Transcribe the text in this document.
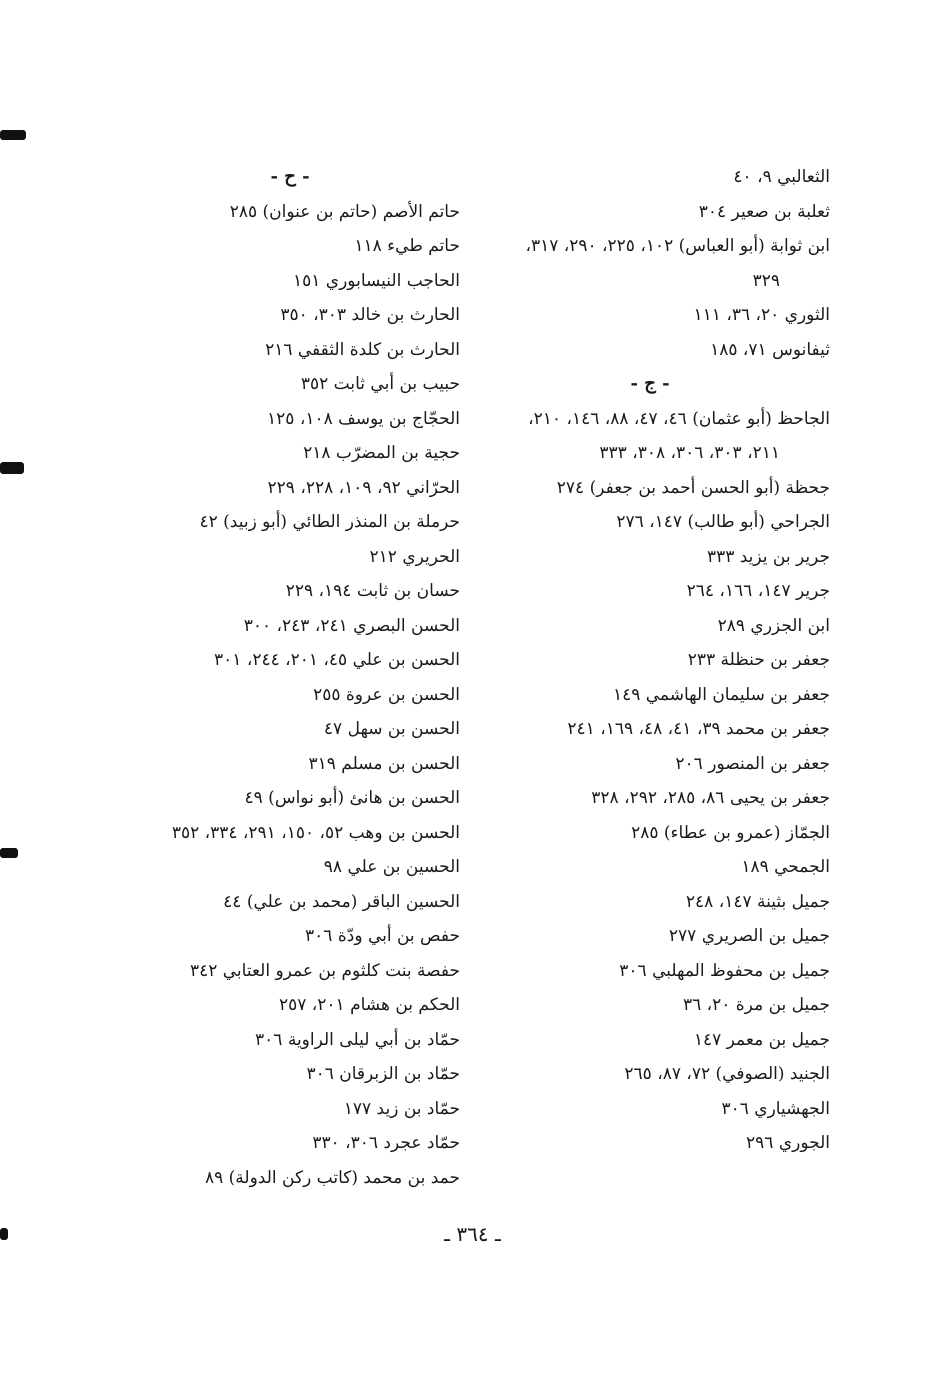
الثعالبي ٩، ٤٠
ثعلبة بن صعير ٣٠٤
ابن ثوابة (أبو العباس) ١٠٢، ٢٢٥، ٢٩٠، ٣١٧،
٣٢٩
الثوري ٢٠، ٣٦، ١١١
ثيفانوس ٧١، ١٨٥
- ج -
الجاحظ (أبو عثمان) ٤٦، ٤٧، ٨٨، ١٤٦، ٢١٠،
٢١١، ٣٠٣، ٣٠٦، ٣٠٨، ٣٣٣
جحظة (أبو الحسن أحمد بن جعفر) ٢٧٤
الجراحي (أبو طالب) ١٤٧، ٢٧٦
جرير بن يزيد ٣٣٣
جرير ١٤٧، ١٦٦، ٢٦٤
ابن الجزري ٢٨٩
جعفر بن حنظلة ٢٣٣
جعفر بن سليمان الهاشمي ١٤٩
جعفر بن محمد ٣٩، ٤١، ٤٨، ١٦٩، ٢٤١
جعفر بن المنصور ٢٠٦
جعفر بن يحيى ٨٦، ٢٨٥، ٢٩٢، ٣٢٨
الجمّاز (عمرو بن عطاء) ٢٨٥
الجمحي ١٨٩
جميل بثينة ١٤٧، ٢٤٨
جميل بن الصريري ٢٧٧
جميل بن محفوظ المهلبي ٣٠٦
جميل بن مرة ٢٠، ٣٦
جميل بن معمر ١٤٧
الجنيد (الصوفي) ٧٢، ٨٧، ٢٦٥
الجهشياري ٣٠٦
الجوري ٢٩٦
- ح -
حاتم الأصم (حاتم بن عنوان) ٢٨٥
حاتم طيء ١١٨
الحاجب النيسابوري ١٥١
الحارث بن خالد ٣٠٣، ٣٥٠
الحارث بن كلدة الثقفي ٢١٦
حبيب بن أبي ثابت ٣٥٢
الحجّاج بن يوسف ١٠٨، ١٢٥
حجية بن المضرّب ٢١٨
الحرّاني ٩٢، ١٠٩، ٢٢٨، ٢٢٩
حرملة بن المنذر الطائي (أبو زبيد) ٤٢
الحريري ٢١٢
حسان بن ثابت ١٩٤، ٢٢٩
الحسن البصري ٢٤١، ٢٤٣، ٣٠٠
الحسن بن علي ٤٥، ٢٠١، ٢٤٤، ٣٠١
الحسن بن عروة ٢٥٥
الحسن بن سهل ٤٧
الحسن بن مسلم ٣١٩
الحسن بن هانئ (أبو نواس) ٤٩
الحسن بن وهب ٥٢، ١٥٠، ٢٩١، ٣٣٤، ٣٥٢
الحسين بن علي ٩٨
الحسين الباقر (محمد بن علي) ٤٤
حفص بن أبي ودّة ٣٠٦
حفصة بنت كلثوم بن عمرو العتابي ٣٤٢
الحكم بن هشام ٢٠١، ٢٥٧
حمّاد بن أبي ليلى الراوية ٣٠٦
حمّاد بن الزبرقان ٣٠٦
حمّاد بن زيد ١٧٧
حمّاد عجرد ٣٠٦، ٣٣٠
حمد بن محمد (كاتب ركن الدولة) ٨٩
ـ ٣٦٤ ـ
